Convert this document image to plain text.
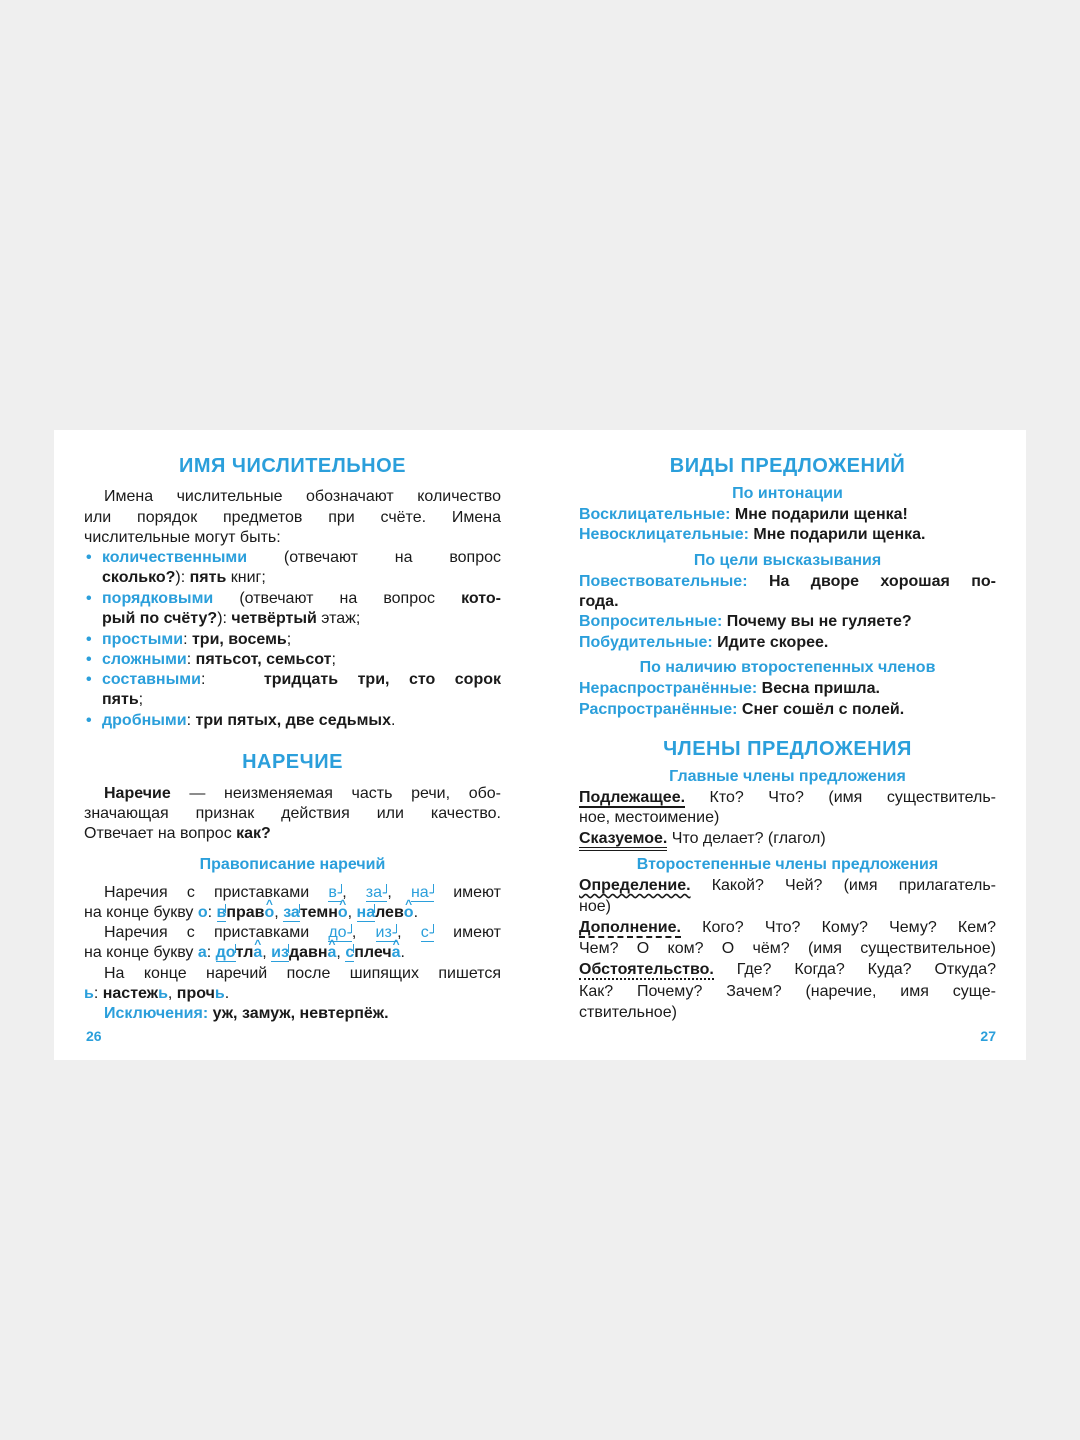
ИМЯ ЧИСЛИТЕЛЬНОЕ
Имена числительные обозначают количество
или порядок предметов при счёте. Имена
числительные могут быть:
• количественными (отвечают на вопрос
сколько?): пять книг;
• порядковыми (отвечают на вопрос кото-
рый по счёту?): четвёртый этаж;
• простыми: три, восемь;
• сложными: пятьсот, семьсот;
• составными:   тридцать три, сто сорок
пять;
• дробными: три пятых, две седьмых.
НАРЕЧИЕ
Наречие — неизменяемая часть речи, обо-
значающая признак действия или качество.
Отвечает на вопрос как?
Правописание наречий
Наречия с приставками в-, за-, на- имеют
на конце букву о: вправ^ о, затемн^ о, налев^ о.
Наречия с приставками до-, из-, с- имеют
на конце букву а: дотл^ а, издавн^ а, сплеч^ а.
На конце наречий после шипящих пишется
ь: настежь, прочь.
Исключения: уж, замуж, невтерпёж.
26
ВИДЫ ПРЕДЛОЖЕНИЙ
По интонации
Восклицательные: Мне подарили щенка!
Невосклицательные: Мне подарили щенка.
По цели высказывания
Повествовательные: На дворе хорошая по-
года.
Вопросительные: Почему вы не гуляете?
Побудительные: Идите скорее.
По наличию второстепенных членов
Нераспространённые: Весна пришла.
Распространённые: Снег сошёл с полей.
ЧЛЕНЫ ПРЕДЛОЖЕНИЯ
Главные члены предложения
Подлежащее. Кто? Что? (имя существитель-
ное, местоимение)
Сказуемое. Что делает? (глагол)
Второстепенные члены предложения
Определение. Какой? Чей? (имя прилагатель-
ное)
Дополнение. Кого? Что? Кому? Чему? Кем?
Чем? О ком? О чём? (имя существительное)
Обстоятельство. Где? Когда? Куда? Откуда?
Как? Почему? Зачем? (наречие, имя суще-
ствительное)
27
